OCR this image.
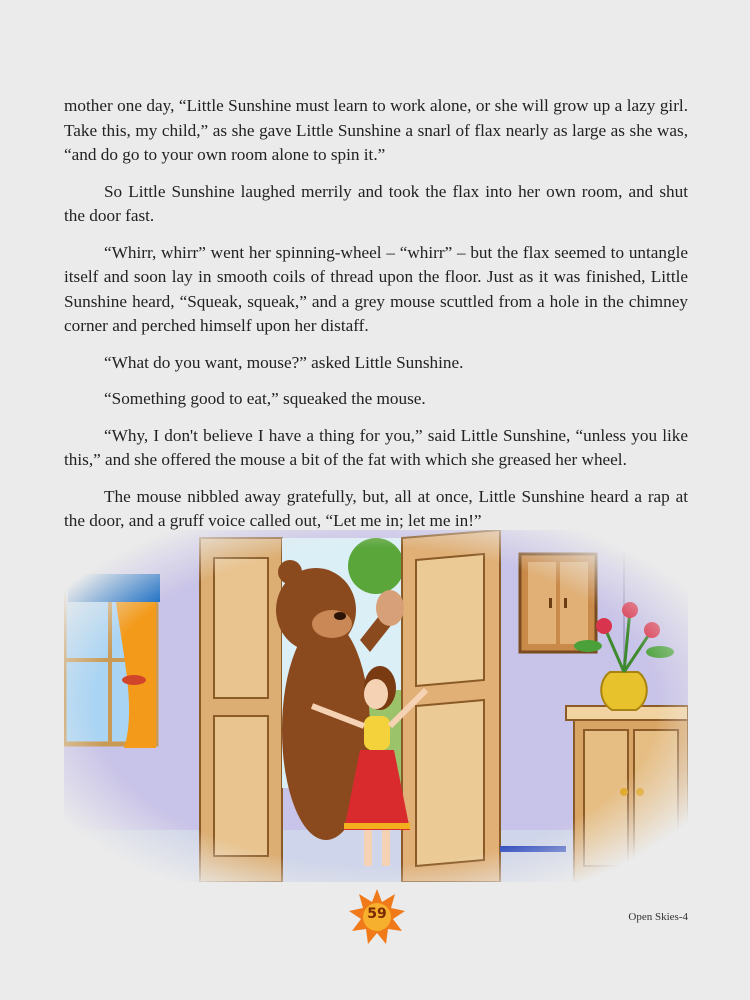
mother one day, “Little Sunshine must learn to work alone, or she will grow up a lazy girl. Take this, my child,” as she gave Little Sunshine a snarl of flax nearly as large as she was, “and do go to your own room alone to spin it.”

So Little Sunshine laughed merrily and took the flax into her own room, and shut the door fast.

“Whirr, whirr” went her spinning-wheel – “whirr” – but the flax seemed to untangle itself and soon lay in smooth coils of thread upon the floor. Just as it was finished, Little Sunshine heard, “Squeak, squeak,” and a grey mouse scuttled from a hole in the chimney corner and perched himself upon her distaff.

“What do you want, mouse?” asked Little Sunshine.

“Something good to eat,” squeaked the mouse.

“Why, I don't believe I have a thing for you,” said Little Sunshine, “unless you like this,” and she offered the mouse a bit of the fat with which she greased her wheel.

The mouse nibbled away gratefully, but, all at once, Little Sunshine heard a rap at the door, and a gruff voice called out, “Let me in; let me in!”

59	Open Skies-4
